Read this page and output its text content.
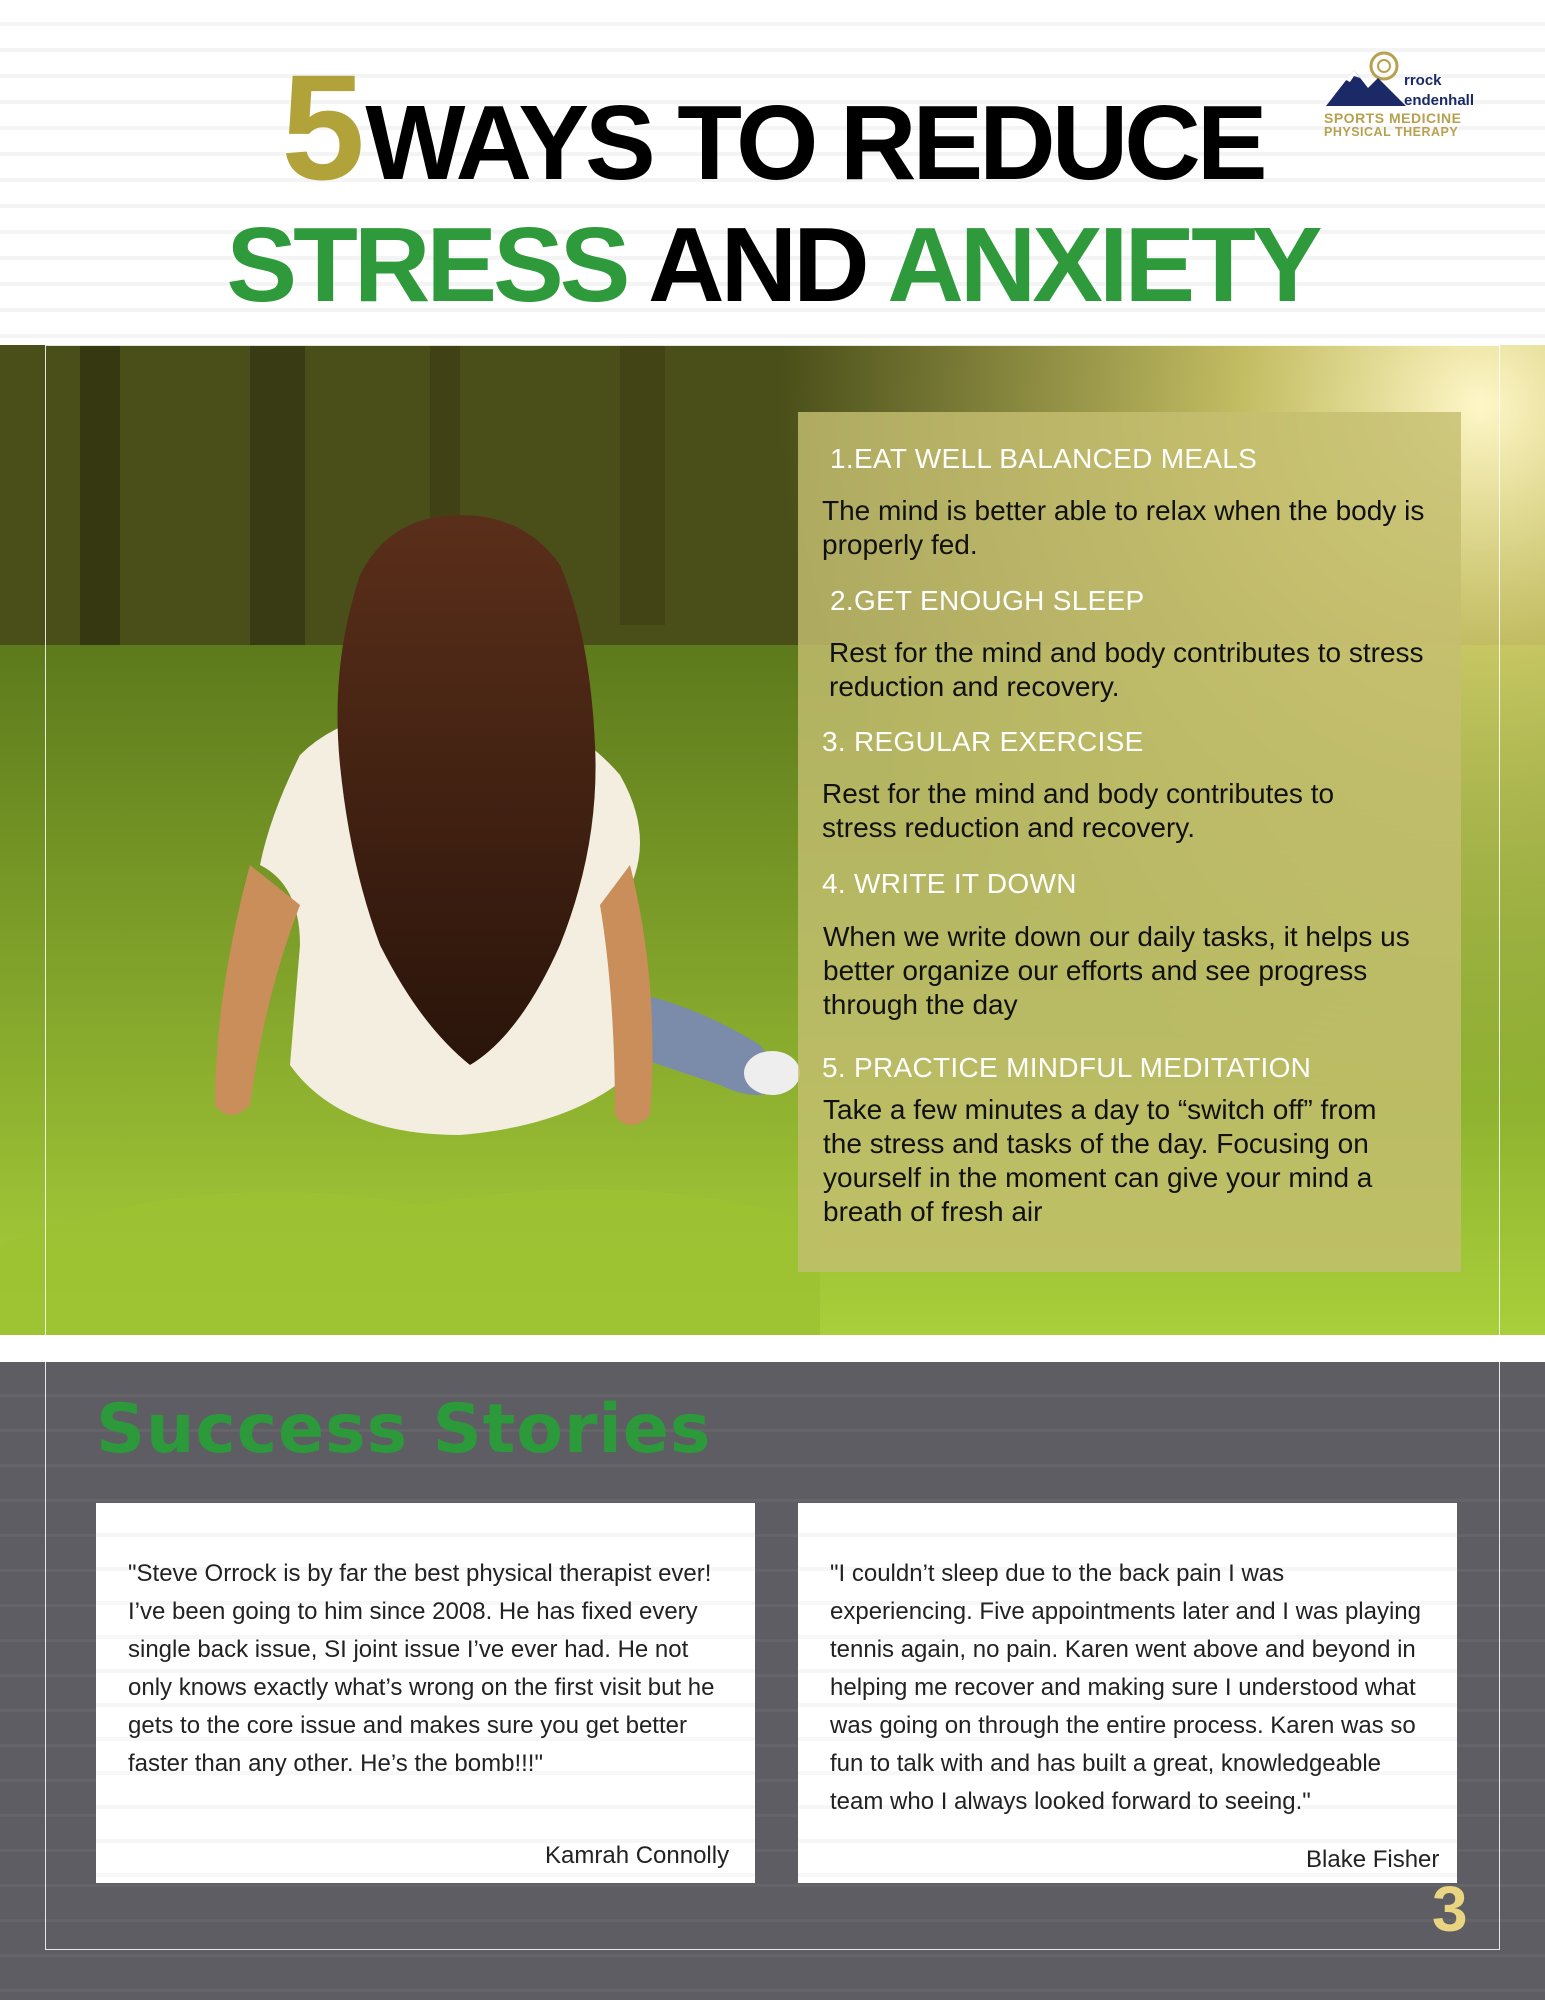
5 WAYS TO REDUCE
STRESS AND ANXIETY
rrock
endenhall
SPORTS MEDICINE
PHYSICAL THERAPY
1.EAT WELL BALANCED MEALS
The mind is better able to relax when the body is properly fed.
2.GET ENOUGH SLEEP
Rest for the mind and body contributes to stress reduction and recovery.
3. REGULAR EXERCISE
Rest for the mind and body contributes to stress reduction and recovery.
4. WRITE IT DOWN
When we write down our daily tasks, it helps us better organize our efforts and see progress through the day
5. PRACTICE MINDFUL MEDITATION
Take a few minutes a day to “switch off” from the stress and tasks of the day. Focusing on yourself in the moment can give your mind a breath of fresh air
Success Stories
"Steve Orrock is by far the best physical therapist ever! I’ve been going to him since 2008. He has fixed every single back issue, SI joint issue I’ve ever had. He not only knows exactly what’s wrong on the first visit but he gets to the core issue and makes sure you get better faster than any other. He’s the bomb!!!"
Kamrah Connolly
"I couldn’t sleep due to the back pain I was experiencing. Five appointments later and I was playing tennis again, no pain. Karen went above and beyond in helping me recover and making sure I understood what was going on through the entire process. Karen was so fun to talk with and has built a great, knowledgeable team who I always looked forward to seeing."
Blake Fisher
3
